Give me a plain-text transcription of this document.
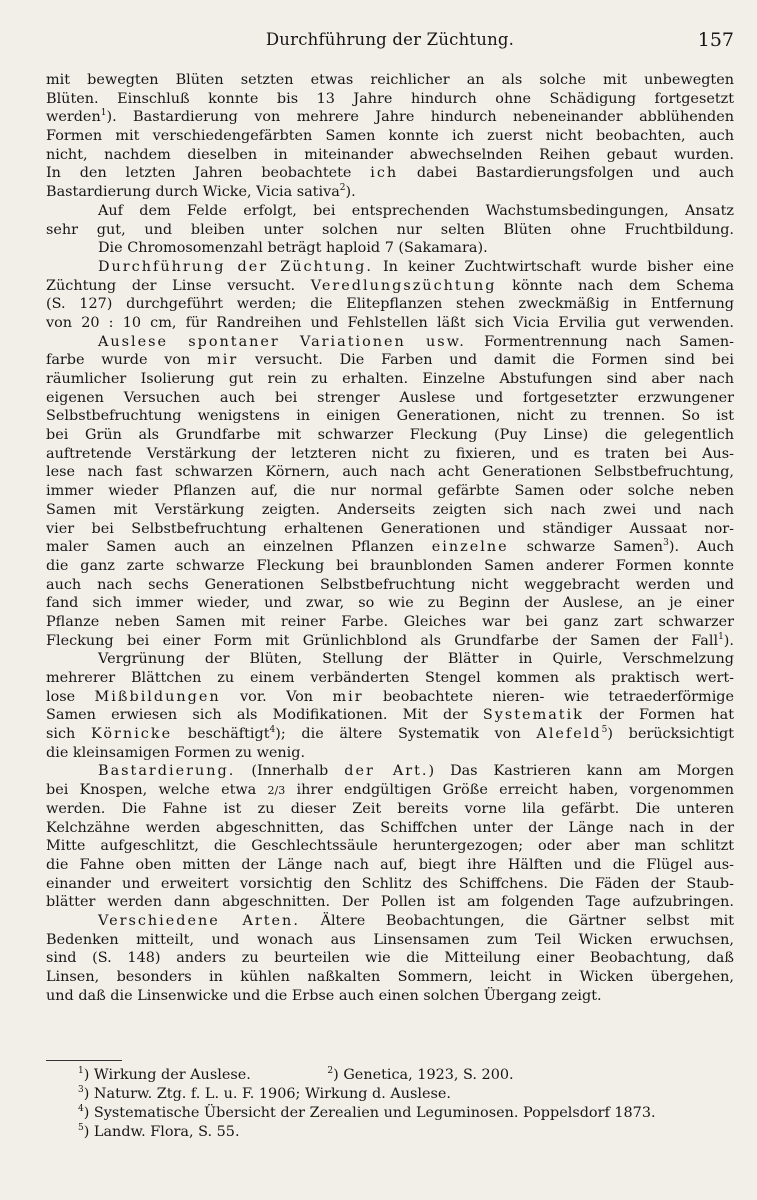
Durchführung der Züchtung.	157
mit bewegten Blüten setzten etwas reichlicher an als solche mit unbewegten
Blüten. Einschluß konnte bis 13 Jahre hindurch ohne Schädigung fortgesetzt
werden$^1$). Bastardierung von mehrere Jahre hindurch nebeneinander abblühenden
Formen mit verschiedengefärbten Samen konnte ich zuerst nicht beobachten, auch
nicht, nachdem dieselben in miteinander abwechselnden Reihen gebaut wurden.
In den letzten Jahren beobachtete ich dabei Bastardierungsfolgen und auch
Bastardierung durch Wicke, Vicia sativa$^2$).
Auf dem Felde erfolgt, bei entsprechenden Wachstumsbedingungen, Ansatz
sehr gut, und bleiben unter solchen nur selten Blüten ohne Fruchtbildung.
Die Chromosomenzahl beträgt haploid 7 (Sakamara).
Durchführung der Züchtung. In keiner Zuchtwirtschaft wurde bisher eine
Züchtung der Linse versucht. Veredlungszüchtung könnte nach dem Schema
(S. 127) durchgeführt werden; die Elitepflanzen stehen zweckmäßig in Entfernung
von 20 : 10 cm, für Randreihen und Fehlstellen läßt sich Vicia Ervilia gut verwenden.
Auslese spontaner Variationen usw. Formentrennung nach Samen-
farbe wurde von mir versucht. Die Farben und damit die Formen sind bei
räumlicher Isolierung gut rein zu erhalten. Einzelne Abstufungen sind aber nach
eigenen Versuchen auch bei strenger Auslese und fortgesetzter erzwungener
Selbstbefruchtung wenigstens in einigen Generationen, nicht zu trennen. So ist
bei Grün als Grundfarbe mit schwarzer Fleckung (Puy Linse) die gelegentlich
auftretende Verstärkung der letzteren nicht zu fixieren, und es traten bei Aus-
lese nach fast schwarzen Körnern, auch nach acht Generationen Selbstbefruchtung,
immer wieder Pflanzen auf, die nur normal gefärbte Samen oder solche neben
Samen mit Verstärkung zeigten. Anderseits zeigten sich nach zwei und nach
vier bei Selbstbefruchtung erhaltenen Generationen und ständiger Aussaat nor-
maler Samen auch an einzelnen Pflanzen einzelne schwarze Samen$^3$). Auch
die ganz zarte schwarze Fleckung bei braunblonden Samen anderer Formen konnte
auch nach sechs Generationen Selbstbefruchtung nicht weggebracht werden und
fand sich immer wieder, und zwar, so wie zu Beginn der Auslese, an je einer
Pflanze neben Samen mit reiner Farbe. Gleiches war bei ganz zart schwarzer
Fleckung bei einer Form mit Grünlichblond als Grundfarbe der Samen der Fall$^1$).
Vergrünung der Blüten, Stellung der Blätter in Quirle, Verschmelzung
mehrerer Blättchen zu einem verbänderten Stengel kommen als praktisch wert-
lose Mißbildungen vor. Von mir beobachtete nieren- wie tetraederförmige
Samen erwiesen sich als Modifikationen. Mit der Systematik der Formen hat
sich Körnicke beschäftigt$^4$); die ältere Systematik von Alefeld$^5$) berücksichtigt
die kleinsamigen Formen zu wenig.
Bastardierung. (Innerhalb der Art.) Das Kastrieren kann am Morgen
bei Knospen, welche etwa 2/3 ihrer endgültigen Größe erreicht haben, vorgenommen
werden. Die Fahne ist zu dieser Zeit bereits vorne lila gefärbt. Die unteren
Kelchzähne werden abgeschnitten, das Schiffchen unter der Länge nach in der
Mitte aufgeschlitzt, die Geschlechtssäule heruntergezogen; oder aber man schlitzt
die Fahne oben mitten der Länge nach auf, biegt ihre Hälften und die Flügel aus-
einander und erweitert vorsichtig den Schlitz des Schiffchens. Die Fäden der Staub-
blätter werden dann abgeschnitten. Der Pollen ist am folgenden Tage aufzubringen.
Verschiedene Arten. Ältere Beobachtungen, die Gärtner selbst mit
Bedenken mitteilt, und wonach aus Linsensamen zum Teil Wicken erwuchsen,
sind (S. 148) anders zu beurteilen wie die Mitteilung einer Beobachtung, daß
Linsen, besonders in kühlen naßkalten Sommern, leicht in Wicken übergehen,
und daß die Linsenwicke und die Erbse auch einen solchen Übergang zeigt.
$^1$) Wirkung der Auslese.	$^2$) Genetica, 1923, S. 200.
$^3$) Naturw. Ztg. f. L. u. F. 1906; Wirkung d. Auslese.
$^4$) Systematische Übersicht der Zerealien und Leguminosen. Poppelsdorf 1873.
$^5$) Landw. Flora, S. 55.
